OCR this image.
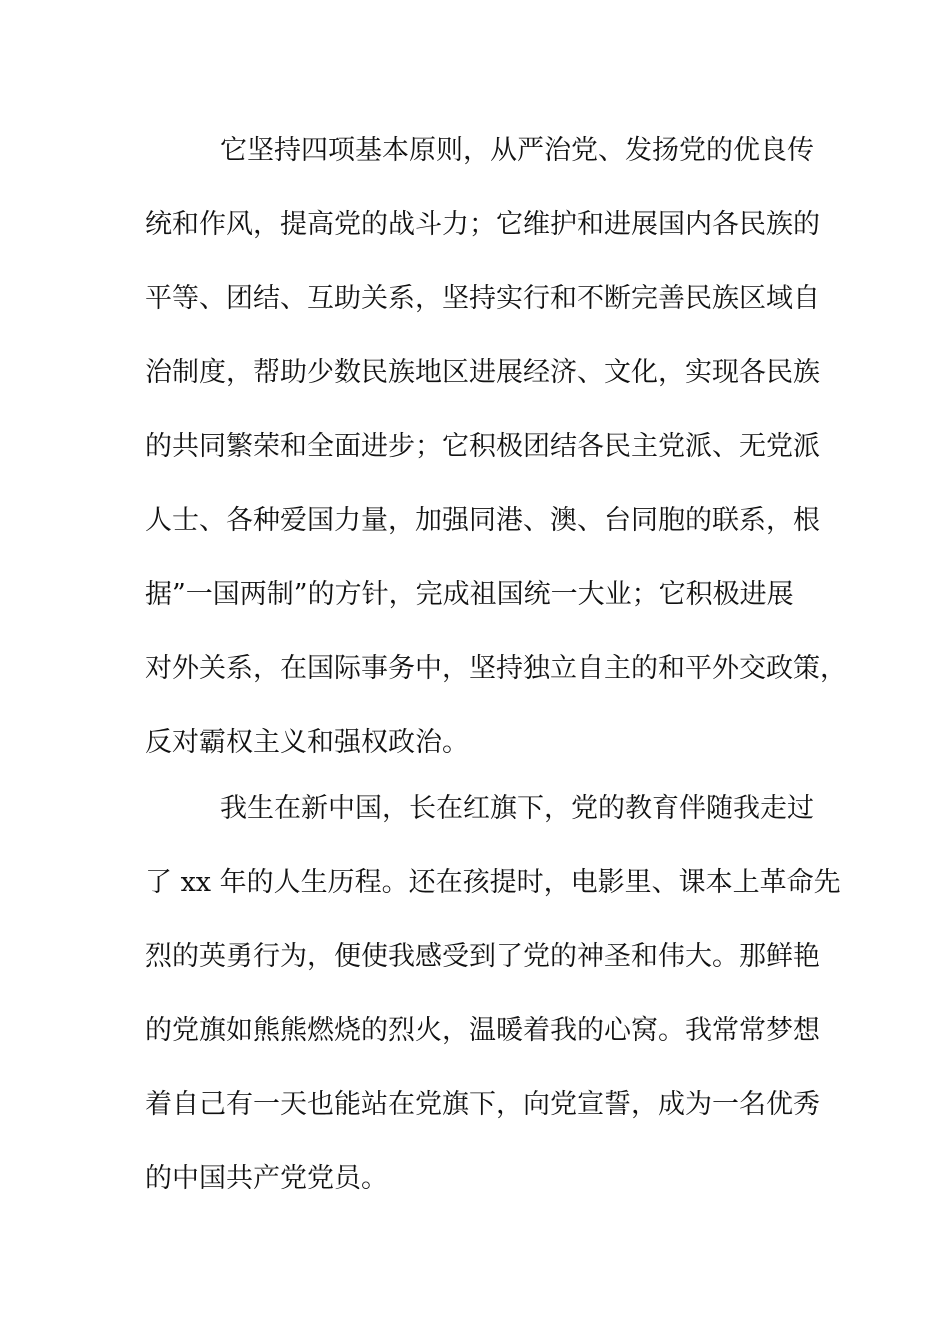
它坚持四项基本原则，从严治党、发扬党的优良传
统和作风，提高党的战斗力；它维护和进展国内各民族的
平等、团结、互助关系，坚持实行和不断完善民族区域自
治制度，帮助少数民族地区进展经济、文化，实现各民族
的共同繁荣和全面进步；它积极团结各民主党派、无党派
人士、各种爱国力量，加强同港、澳、台同胞的联系，根
据”一国两制”的方针，完成祖国统一大业；它积极进展
对外关系，在国际事务中，坚持独立自主的和平外交政策，
反对霸权主义和强权政治。
我生在新中国，长在红旗下，党的教育伴随我走过
了 xx 年的人生历程。还在孩提时，电影里、课本上革命先
烈的英勇行为，便使我感受到了党的神圣和伟大。那鲜艳
的党旗如熊熊燃烧的烈火，温暖着我的心窝。我常常梦想
着自己有一天也能站在党旗下，向党宣誓，成为一名优秀
的中国共产党党员。
